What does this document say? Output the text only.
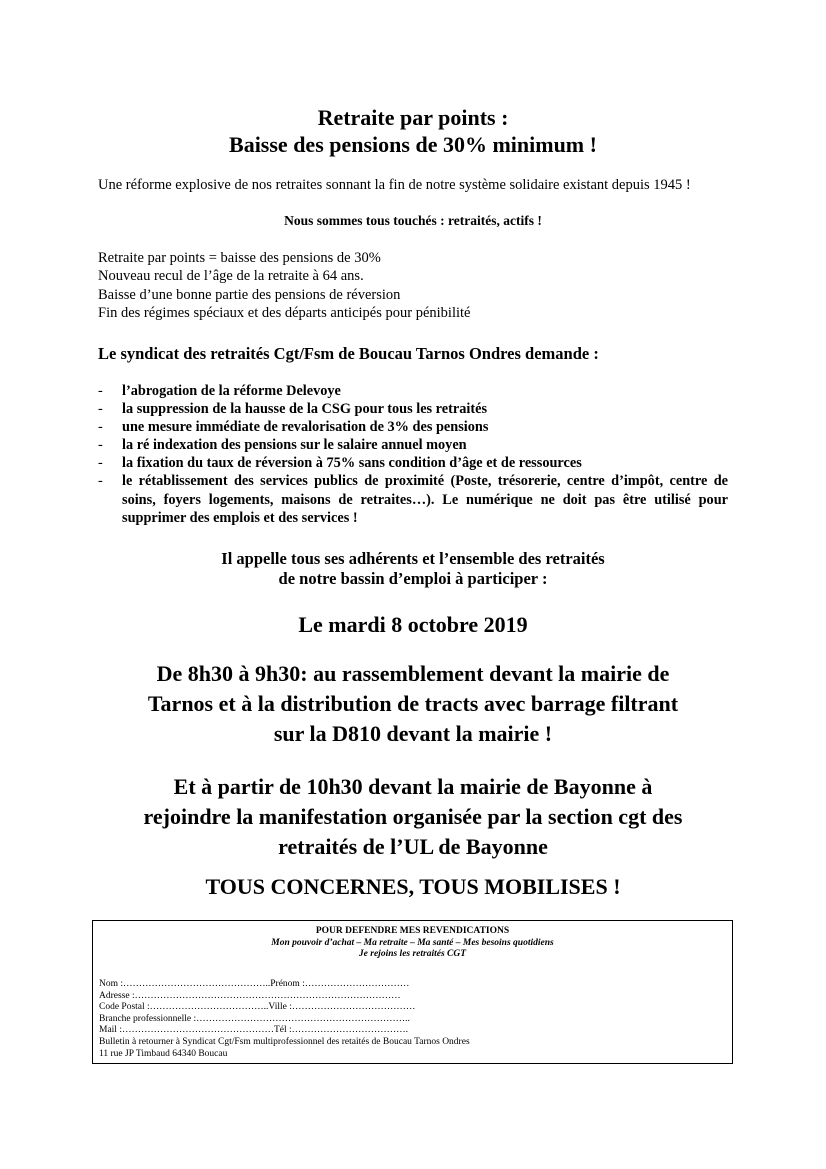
Retraite par points :
Baisse des pensions de 30% minimum !
Une réforme explosive de nos retraites sonnant la fin de notre système solidaire existant depuis 1945 !
Nous sommes tous touchés : retraités, actifs !
Retraite par points = baisse des pensions de 30%
Nouveau recul de l’âge de la retraite à 64 ans.
Baisse d’une bonne partie des pensions de réversion
Fin des régimes spéciaux et des départs anticipés pour pénibilité
Le syndicat des retraités Cgt/Fsm de Boucau Tarnos Ondres demande :
- l’abrogation de la réforme Delevoye
- la suppression de la hausse de la CSG pour tous les retraités
- une mesure immédiate de revalorisation de 3% des pensions
- la ré indexation des pensions sur le salaire annuel moyen
- la fixation du taux de réversion à 75% sans condition d’âge et de ressources
- le rétablissement des services publics de proximité (Poste, trésorerie, centre d’impôt, centre de soins, foyers logements, maisons de retraites…). Le numérique ne doit pas être utilisé pour supprimer des emplois et des services !
Il appelle tous ses adhérents et l’ensemble des retraités
de notre bassin d’emploi à participer :
Le mardi 8 octobre 2019
De 8h30 à 9h30: au rassemblement devant la mairie de
Tarnos et à la distribution de tracts avec barrage filtrant
sur la D810 devant la mairie !
Et à partir de 10h30 devant la mairie de Bayonne à
rejoindre la manifestation organisée par la section cgt des
retraités de l’UL de Bayonne
TOUS CONCERNES, TOUS MOBILISES !
POUR DEFENDRE MES REVENDICATIONS
Mon pouvoir d’achat – Ma retraite – Ma santé – Mes besoins quotidiens
Je rejoins les retraités CGT
Nom :………………………………………..Prénom :……………………………
Adresse :…………………………………………………………………………
Code Postal :………………………………..Ville :…………………………………
Branche professionnelle :…………………………………………………………..
Mail :…………………………………………Tél :……………………………….
Bulletin à retourner à Syndicat Cgt/Fsm multiprofessionnel des retaités de Boucau Tarnos Ondres
11 rue JP Timbaud 64340 Boucau
